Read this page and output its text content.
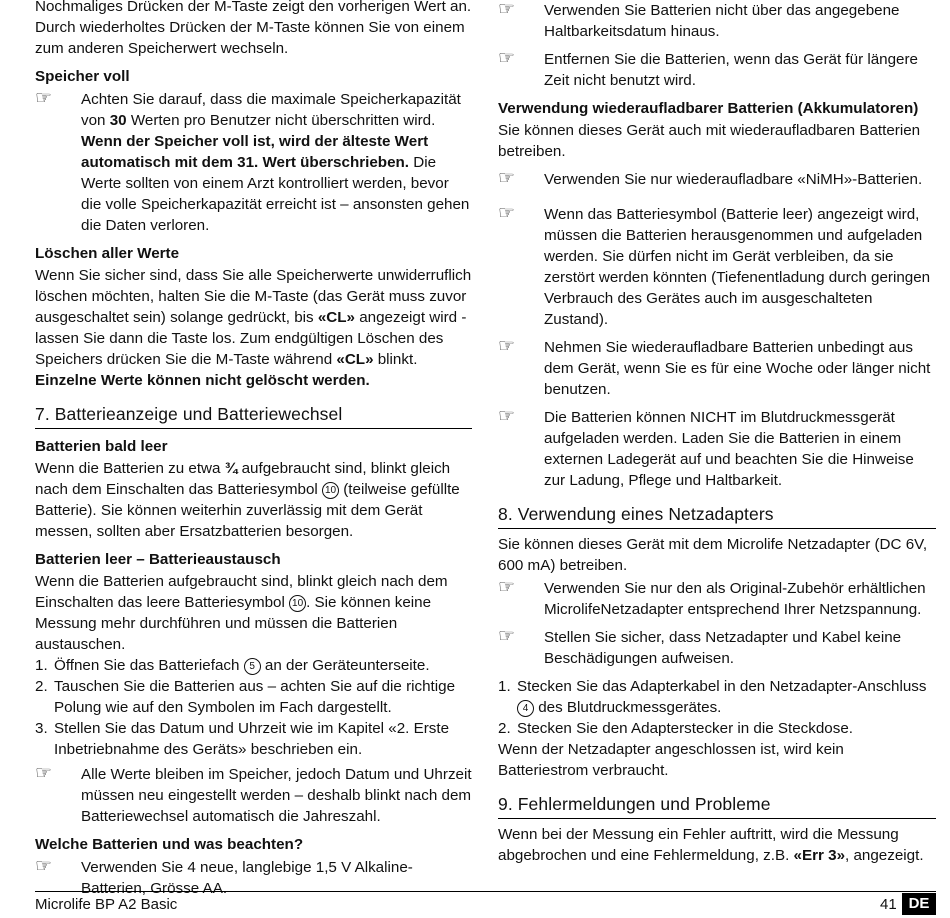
Nochmaliges Drücken der M-Taste zeigt den vorherigen Wert an. Durch wiederholtes Drücken der M-Taste können Sie von einem zum anderen Speicherwert wechseln.

Speicher voll
☞	Achten Sie darauf, dass die maximale Speicherkapazität von 30 Werten pro Benutzer nicht überschritten wird. Wenn der Speicher voll ist, wird der älteste Wert automatisch mit dem 31. Wert überschrieben. Die Werte sollten von einem Arzt kontrolliert werden, bevor die volle Speicherkapazität erreicht ist – ansonsten gehen die Daten verloren.
Löschen aller Werte

Wenn Sie sicher sind, dass Sie alle Speicherwerte unwiderruflich löschen möchten, halten Sie die M-Taste (das Gerät muss zuvor ausgeschaltet sein) solange gedrückt, bis «CL» angezeigt wird - lassen Sie dann die Taste los. Zum endgültigen Löschen des Speichers drücken Sie die M-Taste während «CL» blinkt. Einzelne Werte können nicht gelöscht werden.

7. Batterieanzeige und Batteriewechsel
Batterien bald leer

Wenn die Batterien zu etwa ¾ aufgebraucht sind, blinkt gleich nach dem Einschalten das Batteriesymbol 10 (teilweise gefüllte Batterie). Sie können weiterhin zuverlässig mit dem Gerät messen, sollten aber Ersatzbatterien besorgen.

Batterien leer – Batterieaustausch

Wenn die Batterien aufgebraucht sind, blinkt gleich nach dem Einschalten das leere Batteriesymbol 10 . Sie können keine Messung mehr durchführen und müssen die Batterien austauschen.

1. Öffnen Sie das Batteriefach 5 an der Geräteunterseite.
2. Tauschen Sie die Batterien aus – achten Sie auf die richtige Polung wie auf den Symbolen im Fach dargestellt.
3. Stellen Sie das Datum und Uhrzeit wie im Kapitel «2. Erste Inbetriebnahme des Geräts» beschrieben ein.
☞	Alle Werte bleiben im Speicher, jedoch Datum und Uhrzeit müssen neu eingestellt werden – deshalb blinkt nach dem Batteriewechsel automatisch die Jahreszahl.
Welche Batterien und was beachten?
☞	Verwenden Sie 4 neue, langlebige 1,5 V Alkaline-Batterien, Grösse AA.
☞	Verwenden Sie Batterien nicht über das angegebene Haltbarkeitsdatum hinaus.
☞	Entfernen Sie die Batterien, wenn das Gerät für längere Zeit nicht benutzt wird.
Verwendung wiederaufladbarer Batterien (Akkumulatoren)

Sie können dieses Gerät auch mit wiederaufladbaren Batterien betreiben.

☞	Verwenden Sie nur wiederaufladbare «NiMH»-Batterien.
☞	Wenn das Batteriesymbol (Batterie leer) angezeigt wird, müssen die Batterien herausgenommen und aufgeladen werden. Sie dürfen nicht im Gerät verbleiben, da sie zerstört werden könnten (Tiefenentladung durch geringen Verbrauch des Gerätes auch im ausgeschalteten Zustand).
☞	Nehmen Sie wiederaufladbare Batterien unbedingt aus dem Gerät, wenn Sie es für eine Woche oder länger nicht benutzen.
☞	Die Batterien können NICHT im Blutdruckmessgerät aufgeladen werden. Laden Sie die Batterien in einem externen Ladegerät auf und beachten Sie die Hinweise zur Ladung, Pflege und Haltbarkeit.
8. Verwendung eines Netzadapters

Sie können dieses Gerät mit dem Microlife Netzadapter (DC 6V, 600 mA) betreiben.

☞	Verwenden Sie nur den als Original-Zubehör erhältlichen MicrolifeNetzadapter entsprechend Ihrer Netzspannung.
☞	Stellen Sie sicher, dass Netzadapter und Kabel keine Beschädigungen aufweisen.
1. Stecken Sie das Adapterkabel in den Netzadapter-Anschluss 4 des Blutdruckmessgerätes.
2. Stecken Sie den Adapterstecker in die Steckdose.

Wenn der Netzadapter angeschlossen ist, wird kein Batteriestrom verbraucht.

9. Fehlermeldungen und Probleme

Wenn bei der Messung ein Fehler auftritt, wird die Messung abgebrochen und eine Fehlermeldung, z.B. «Err 3», angezeigt.

Microlife BP A2 Basic	41 DE
